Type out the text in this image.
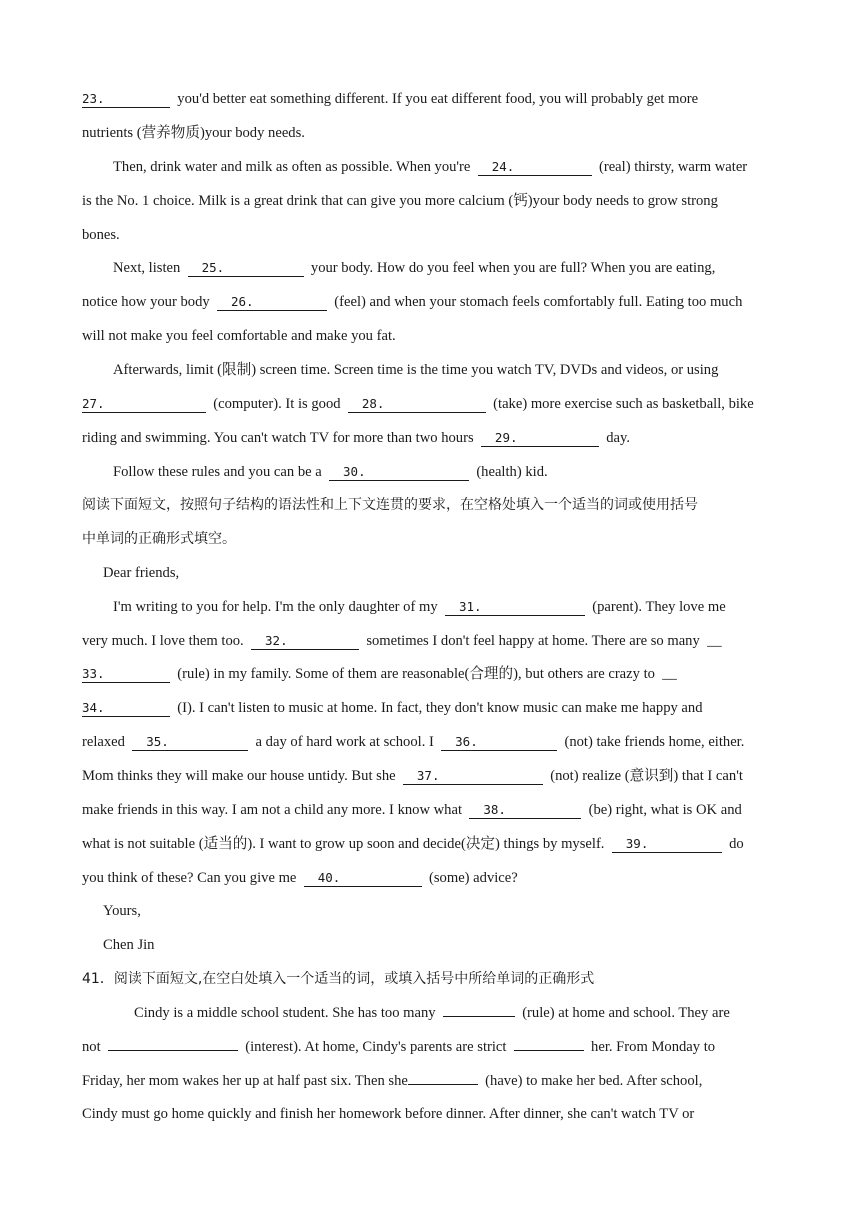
23.	you'd better eat something different. If you eat different food, you will probably get more
nutrients (营养物质)your body needs.
Then, drink water and milk as often as possible. When you're  24.	(real) thirsty, warm water
is the No. 1 choice. Milk is a great drink that can give you more calcium (钙)your body needs to grow strong
bones.
Next, listen  25.	your body. How do you feel when you are full? When you are eating,
notice how your body  26.	(feel) and when your stomach feels comfortably full. Eating too much
will not make you feel comfortable and make you fat.
Afterwards, limit (限制) screen time. Screen time is the time you watch TV, DVDs and videos, or using
27.	(computer). It is good  28.	(take) more exercise such as basketball, bike
riding and swimming. You can't watch TV for more than two hours  29.	day.
Follow these rules and you can be a  30.	(health) kid.
阅读下面短文，按照句子结构的语法性和上下文连贯的要求，在空格处填入一个适当的词或使用括号
中单词的正确形式填空。
Dear friends,
I'm writing to you for help. I'm the only daughter of my  31.	(parent). They love me
very much. I love them too.  32.	sometimes I don't feel happy at home. There are so many  __
33.	(rule) in my family. Some of them are reasonable(合理的), but others are crazy to  __
34.	(I). I can't listen to music at home. In fact, they don't know music can make me happy and
relaxed  35.	a day of hard work at school. I  36.	(not) take friends home, either.
Mom thinks they will make our house untidy. But she  37.	(not) realize (意识到) that I can't
make friends in this way. I am not a child any more. I know what  38.	(be) right, what is OK and
what is not suitable (适当的). I want to grow up soon and decide(决定) things by myself.  39.	do
you think of these? Can you give me  40.	(some) advice?
Yours,
Chen Jin
41．阅读下面短文,在空白处填入一个适当的词，或填入括号中所给单词的正确形式
Cindy is a middle school student. She has too many	(rule) at home and school. They are
not	(interest). At home, Cindy's parents are strict	her. From Monday to
Friday, her mom wakes her up at half past six. Then she	(have) to make her bed. After school,
Cindy must go home quickly and finish her homework before dinner. After dinner, she can't watch TV or
